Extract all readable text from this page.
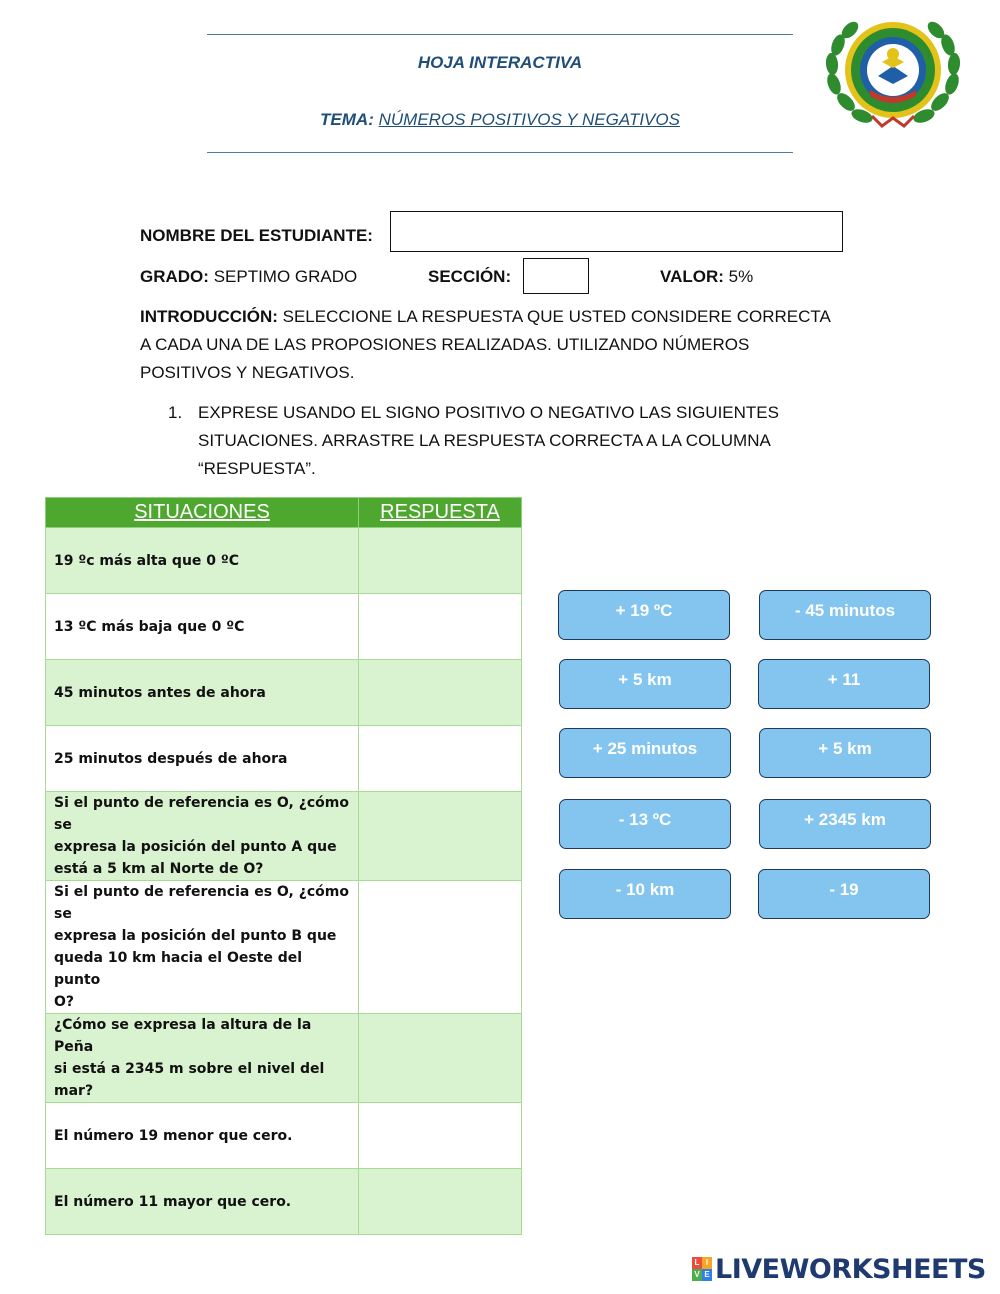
HOJA INTERACTIVA
TEMA: NÚMEROS POSITIVOS Y NEGATIVOS
NOMBRE DEL ESTUDIANTE:
GRADO: SEPTIMO GRADO	SECCIÓN:	VALOR: 5%
INTRODUCCIÓN: SELECCIONE LA RESPUESTA QUE USTED CONSIDERE CORRECTA
A CADA UNA DE LAS PROPOSIONES REALIZADAS. UTILIZANDO NÚMEROS
POSITIVOS Y NEGATIVOS.
1. EXPRESE USANDO EL SIGNO POSITIVO O NEGATIVO LAS SIGUIENTES
SITUACIONES. ARRASTRE LA RESPUESTA CORRECTA A LA COLUMNA
“RESPUESTA”.
SITUACIONES	RESPUESTA

19 ºc más alta que 0 ºC	

13 ºC más baja que 0 ºC	

45 minutos antes de ahora	

25 minutos después de ahora	

Si el punto de referencia es O, ¿cómo se
expresa la posición del punto A que
está a 5 km al Norte de O?	

Si el punto de referencia es O, ¿cómo se
expresa la posición del punto B que
queda 10 km hacia el Oeste del punto
O?	

¿Cómo se expresa la altura de la Peña
si está a 2345 m sobre el nivel del mar?	

El número 19 menor que cero.	

El número 11 mayor que cero.	

+ 19 ºC	- 45 minutos
+ 5 km	+ 11
+ 25 minutos	+ 5 km
- 13 ºC	+ 2345 km
- 10 km	- 19
L I
V E LIVEWORKSHEETS
